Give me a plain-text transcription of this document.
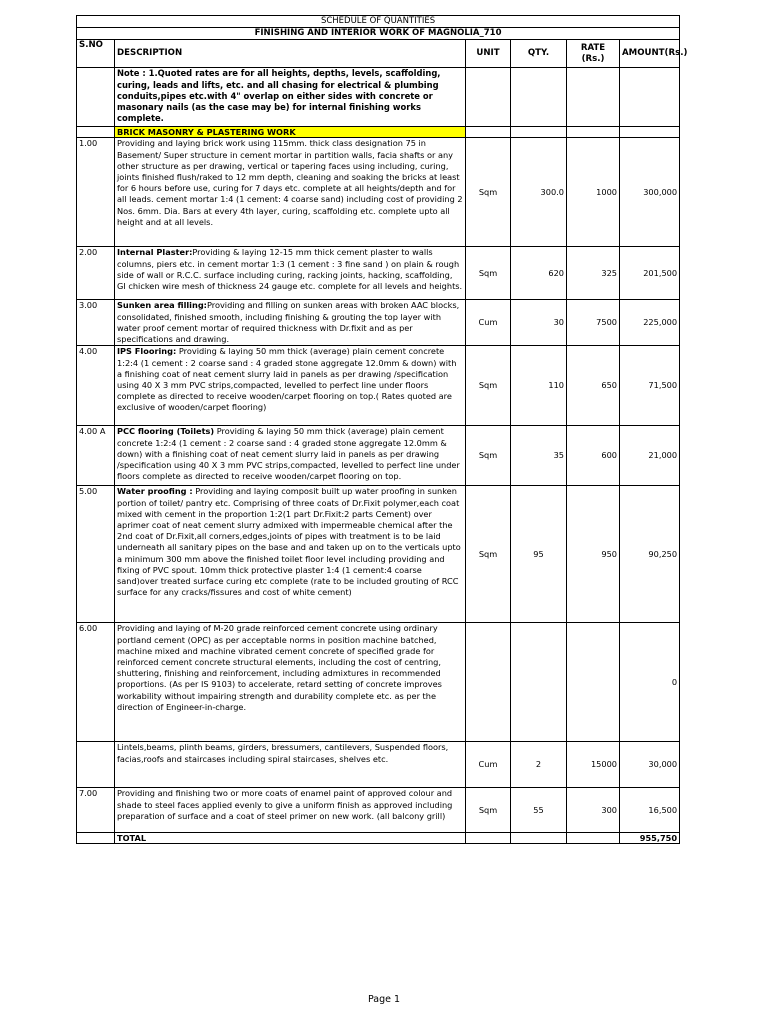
SCHEDULE OF QUANTITIES					
FINISHING AND INTERIOR WORK OF MAGNOLIA_710					
S.NO	DESCRIPTION	UNIT	QTY.	RATE (Rs.)	AMOUNT(Rs.)

	Note : 1.Quoted rates are for all heights, depths, levels, scaffolding, curing, leads and lifts, etc. and all chasing for electrical & plumbing conduits,pipes etc.with 4" overlap on either sides with concrete or masonary nails (as the case may be) for internal finishing works complete.				

	BRICK MASONRY & PLASTERING WORK				
1.00	Providing and laying brick work using 115mm. thick class designation 75 in Basement/ Super structure in cement mortar in partition walls, facia shafts or any other structure as per drawing, vertical or tapering faces using including, curing, joints finished flush/raked to 12 mm depth, cleaning and soaking the bricks at least for 6 hours before use, curing for 7 days etc. complete at all heights/depth and for all leads. cement mortar 1:4 (1 cement: 4 coarse sand) including cost of providing 2 Nos. 6mm. Dia. Bars at every 4th layer, curing, scaffolding etc. complete upto all height and at all levels.	Sqm	300.0	1000	300,000
2.00	Internal Plaster:Providing & laying 12-15 mm thick cement plaster to walls columns, piers etc. in cement mortar 1:3 (1 cement : 3 fine sand ) on plain & rough side of wall or R.C.C. surface including curing, racking joints, hacking, scaffolding, GI chicken wire mesh of thickness 24 gauge etc. complete for all levels and heights.	Sqm	620	325	201,500
3.00	Sunken area filling:Providing and filling on sunken areas with broken AAC blocks, consolidated, finished smooth, including finishing & grouting the top layer with water proof cement mortar of required thickness with Dr.fixit and as per specifications and drawing.	Cum	30	7500	225,000
4.00	IPS Flooring: Providing & laying 50 mm thick (average) plain cement concrete 1:2:4 (1 cement : 2 coarse sand : 4 graded stone aggregate 12.0mm & down) with a finishing coat of neat cement slurry laid in panels as per drawing /specification using 40 X 3 mm PVC strips,compacted, levelled to perfect line under floors complete as directed to receive wooden/carpet flooring on top.( Rates quoted are exclusive of wooden/carpet flooring)	Sqm	110	650	71,500
4.00 A	PCC flooring (Toilets) Providing & laying 50 mm thick (average) plain cement concrete 1:2:4 (1 cement : 2 coarse sand : 4 graded stone aggregate 12.0mm & down) with a finishing coat of neat cement slurry laid in panels as per drawing /specification using 40 X 3 mm PVC strips,compacted, levelled to perfect line under floors complete as directed to receive wooden/carpet flooring on top.	Sqm	35	600	21,000
5.00	Water proofing : Providing and laying composit built up water proofing in sunken portion of toilet/ pantry etc. Comprising of three coats of Dr.Fixit polymer,each coat mixed with cement in the proportion 1:2(1 part Dr.Fixit:2 parts Cement) over aprimer coat of neat cement slurry admixed with impermeable chemical after the 2nd coat of Dr.Fixit,all corners,edges,joints of pipes with treatment is to be laid underneath all sanitary pipes on the base and and taken up on to the verticals upto a minimum 300 mm above the finished toilet floor level including providing and fixing of PVC spout. 10mm thick protective plaster 1:4 (1 cement:4 coarse sand)over treated surface curing etc complete (rate to be included grouting of RCC surface for any cracks/fissures and cost of white cement)	Sqm	95	950	90,250
6.00	Providing and laying of M-20 grade reinforced cement concrete using ordinary portland cement (OPC) as per acceptable norms in position machine batched, machine mixed and machine vibrated cement concrete of specified grade for reinforced cement concrete structural elements, including the cost of centring, shuttering, finishing and reinforcement, including admixtures in recommended proportions. (As per IS 9103) to accelerate, retard setting of concrete improves workability without impairing strength and durability complete etc. as per the direction of Engineer-in-charge.				0

	Lintels,beams, plinth beams, girders, bressumers, cantilevers, Suspended floors, facias,roofs and staircases including spiral staircases, shelves etc.	Cum	2	15000	30,000
7.00	Providing and finishing two or more coats of enamel paint of approved colour and shade to steel faces applied evenly to give a uniform finish as approved including preparation of surface and a coat of steel primer on new work. (all balcony grill)	Sqm	55	300	16,500
	TOTAL				955,750
Page 1
